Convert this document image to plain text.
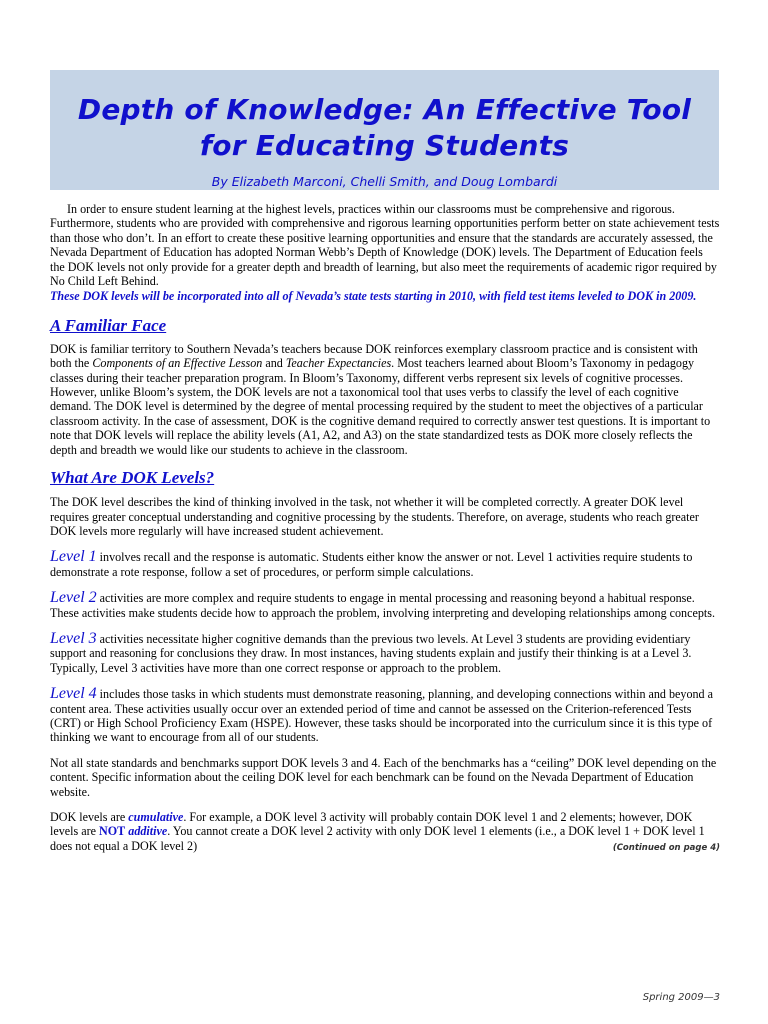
Depth of Knowledge: An Effective Tool
for Educating Students
By Elizabeth Marconi, Chelli Smith, and Doug Lombardi

In order to ensure student learning at the highest levels, practices within our classrooms must be comprehensive and rigorous. Furthermore, students who are provided with comprehensive and rigorous learning opportunities perform better on state achievement tests than those who don’t. In an effort to create these positive learning opportunities and ensure that the standards are accurately assessed, the Nevada Department of Education has adopted Norman Webb’s Depth of Knowledge (DOK) levels. The Department of Education feels the DOK levels not only provide for a greater depth and breadth of learning, but also meet the requirements of academic rigor required by No Child Left Behind.

These DOK levels will be incorporated into all of Nevada’s state tests starting in 2010, with field test items leveled to DOK in 2009.

A Familiar Face

DOK is familiar territory to Southern Nevada’s teachers because DOK reinforces exemplary classroom practice and is consistent with both the Components of an Effective Lesson and Teacher Expectancies. Most teachers learned about Bloom’s Taxonomy in pedagogy classes during their teacher preparation program. In Bloom’s Taxonomy, different verbs represent six levels of cognitive processes. However, unlike Bloom’s system, the DOK levels are not a taxonomical tool that uses verbs to classify the level of each cognitive demand. The DOK level is determined by the degree of mental processing required by the student to meet the objectives of a particular classroom activity. In the case of assessment, DOK is the cognitive demand required to correctly answer test questions. It is important to note that DOK levels will replace the ability levels (A1, A2, and A3) on the state standardized tests as DOK more closely reflects the depth and breadth we would like our students to achieve in the classroom.

What Are DOK Levels?

The DOK level describes the kind of thinking involved in the task, not whether it will be completed correctly. A greater DOK level requires greater conceptual understanding and cognitive processing by the students. Therefore, on average, students who reach greater DOK levels more regularly will have increased student achievement.

Level 1 involves recall and the response is automatic. Students either know the answer or not. Level 1 activities require students to demonstrate a rote response, follow a set of procedures, or perform simple calculations.

Level 2 activities are more complex and require students to engage in mental processing and reasoning beyond a habitual response. These activities make students decide how to approach the problem, involving interpreting and developing relationships among concepts.

Level 3 activities necessitate higher cognitive demands than the previous two levels. At Level 3 students are providing evidentiary support and reasoning for conclusions they draw. In most instances, having students explain and justify their thinking is at a Level 3. Typically, Level 3 activities have more than one correct response or approach to the problem.

Level 4 includes those tasks in which students must demonstrate reasoning, planning, and developing connections within and beyond a content area. These activities usually occur over an extended period of time and cannot be assessed on the Criterion-referenced Tests (CRT) or High School Proficiency Exam (HSPE). However, these tasks should be incorporated into the curriculum since it is this type of thinking we want to encourage from all of our students.

Not all state standards and benchmarks support DOK levels 3 and 4. Each of the benchmarks has a “ceiling” DOK level depending on the content. Specific information about the ceiling DOK level for each benchmark can be found on the Nevada Department of Education website.

DOK levels are cumulative. For example, a DOK level 3 activity will probably contain DOK level 1 and 2 elements; however, DOK levels are NOT additive. You cannot create a DOK level 2 activity with only DOK level 1 elements (i.e., a DOK level 1 + DOK level 1 does not equal a DOK level 2)	(Continued on page 4)

Spring 2009—3
